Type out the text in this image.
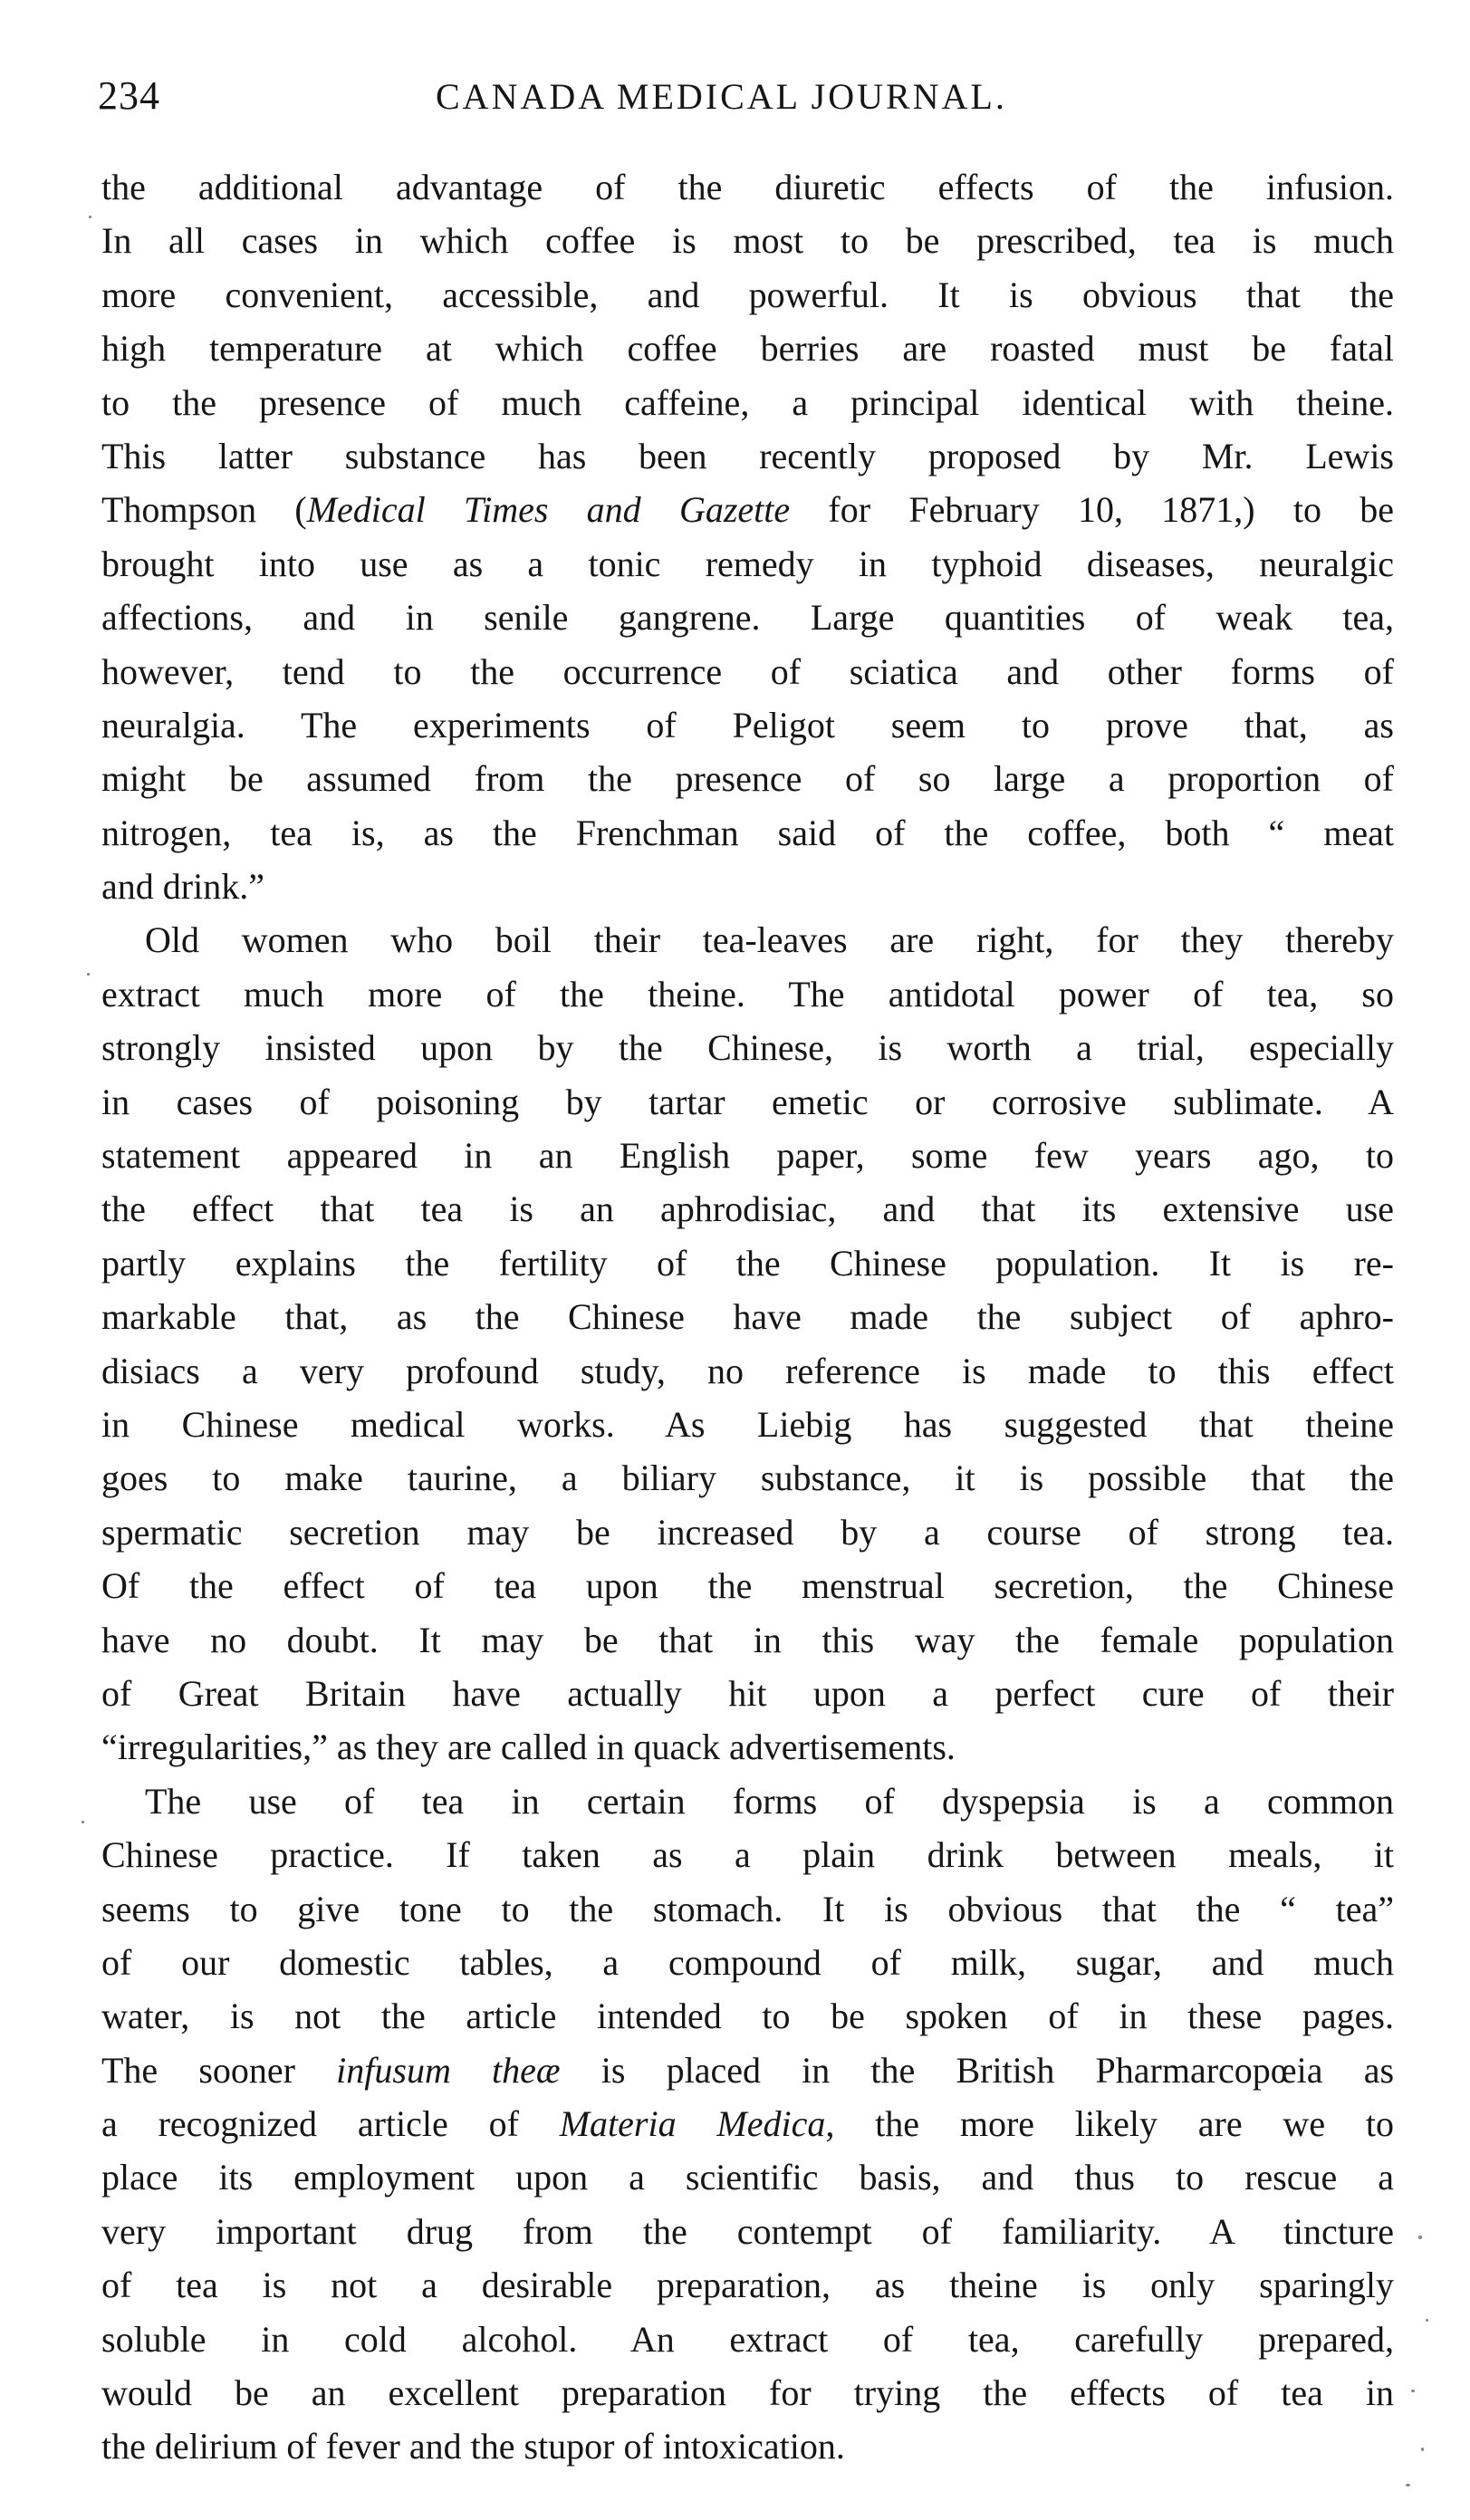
234	CANADA MEDICAL JOURNAL.
the additional advantage of the diuretic effects of the infusion.
In all cases in which coffee is most to be prescribed, tea is much
more convenient, accessible, and powerful. It is obvious that the
high temperature at which coffee berries are roasted must be fatal
to the presence of much caffeine, a principal identical with theine.
This latter substance has been recently proposed by Mr. Lewis
Thompson (Medical Times and Gazette for February 10, 1871,) to be
brought into use as a tonic remedy in typhoid diseases, neuralgic
affections, and in senile gangrene. Large quantities of weak tea,
however, tend to the occurrence of sciatica and other forms of
neuralgia. The experiments of Peligot seem to prove that, as
might be assumed from the presence of so large a proportion of
nitrogen, tea is, as the Frenchman said of the coffee, both “ meat
and drink.”
Old women who boil their tea-leaves are right, for they thereby
extract much more of the theine. The antidotal power of tea, so
strongly insisted upon by the Chinese, is worth a trial, especially
in cases of poisoning by tartar emetic or corrosive sublimate. A
statement appeared in an English paper, some few years ago, to
the effect that tea is an aphrodisiac, and that its extensive use
partly explains the fertility of the Chinese population. It is re-
markable that, as the Chinese have made the subject of aphro-
disiacs a very profound study, no reference is made to this effect
in Chinese medical works. As Liebig has suggested that theine
goes to make taurine, a biliary substance, it is possible that the
spermatic secretion may be increased by a course of strong tea.
Of the effect of tea upon the menstrual secretion, the Chinese
have no doubt. It may be that in this way the female population
of Great Britain have actually hit upon a perfect cure of their
“irregularities,” as they are called in quack advertisements.
The use of tea in certain forms of dyspepsia is a common
Chinese practice. If taken as a plain drink between meals, it
seems to give tone to the stomach. It is obvious that the “ tea”
of our domestic tables, a compound of milk, sugar, and much
water, is not the article intended to be spoken of in these pages.
The sooner infusum theæ is placed in the British Pharmarcopœia as
a recognized article of Materia Medica, the more likely are we to
place its employment upon a scientific basis, and thus to rescue a
very important drug from the contempt of familiarity. A tincture
of tea is not a desirable preparation, as theine is only sparingly
soluble in cold alcohol. An extract of tea, carefully prepared,
would be an excellent preparation for trying the effects of tea in
the delirium of fever and the stupor of intoxication.
